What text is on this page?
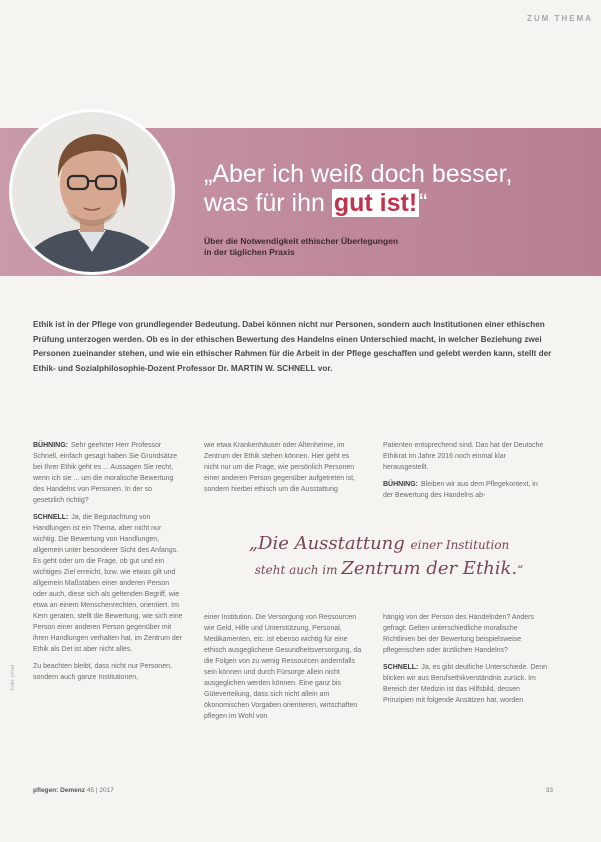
ZUM THEMA
„Aber ich weiß doch besser,
was für ihn gut ist!“
Über die Notwendigkeit ethischer Überlegungen
in der täglichen Praxis
Ethik ist in der Pflege von grundlegender Bedeutung. Dabei können nicht nur Personen, sondern auch Institutionen einer ethischen Prüfung unterzogen werden. Ob es in der ethischen Bewertung des Handelns einen Unterschied macht, in welcher Beziehung zwei Personen zueinander stehen, und wie ein ethischer Rahmen für die Arbeit in der Pflege geschaffen und gelebt werden kann, stellt der Ethik- und Sozialphilosophie-Dozent Professor Dr. MARTIN W. SCHNELL vor.

BÜHNING: Sehr geehrter Herr Professor Schnell, einfach gesagt haben Sie Grundsätze bei Ihrer Ethik geht es ... Aussagen Sie recht, wenn ich sie ... um die moralische Bewertung des Handelns von Personen. In der so gesetzlich richtig?

SCHNELL: Ja, die Begutachtung von Handlungen ist ein Thema, aber nicht nur wichtig. Die Bewertung von Handlungen, allgemein unter besonderer Sicht des Anfangs. Es geht oder um die Frage, ob gut und ein wichtiges Ziel erreicht, bzw. wie etwas gilt und allgemein Maßstäben einer anderen Person oder auch, diese sich als geltenden Begriff, wie etwa an einem Menschenrechten, orientiert. Im Kern geraten, stellt die Bewertung, wie sich eine Person einer anderen Person gegenüber mit ihren Handlungen verhalten hat, im Zentrum der Ethik als Det ist aber nicht alles.

Zu beachten bleibt, dass nicht nur Personen, sondern auch ganze Institutionen,

wie etwa Krankenhäuser oder Altenheime, im Zentrum der Ethik stehen können. Hier geht es nicht nur um die Frage, wie persönlich Personen einer anderen Person gegenüber aufgetreten ist, sondern hierbei ethisch um die Ausstattung

Patienten entsprechend sind. Das hat der Deutsche Ethikrat im Jahre 2016 noch einmal klar herausgestellt.

BÜHNING: Bleiben wir aus dem Pflegekontext, in der Bewertung des Handelns ab-

„Die Ausstattung einer Institution
steht auch im Zentrum der Ethik.“

einer Institution. Die Versorgung von Ressourcen wie Geld, Hilfe und Unterstützung, Personal, Medikamenten, etc. ist ebenso wichtig für eine ethisch ausgeglichene Gesundheitsversorgung, da die Folgen von zu wenig Ressourcen andernfalls sein können und durch Fürsorge allein nicht ausgeglichen werden können. Eine ganz bis Güteverteilung, dass sich nicht allein am ökonomischen Vorgaben orientieren, wirtschaften pflegen im Wohl von

hängig von der Person des Handelnden? Anders gefragt: Gelten unterschiedliche moralische Richtlinien bei der Bewertung beispielsweise pflegerischen oder ärztlichen Handelns?

SCHNELL: Ja, es gibt deutliche Unterschiede. Denn blicken wir aus Berufsethikverständnis zurück. Im Bereich der Medizin ist das Hilfsbild, dessen Prinzipien mit folgende Ansätzen hat, worden

Foto: privat
pflegen: Demenz 45 | 2017	33
